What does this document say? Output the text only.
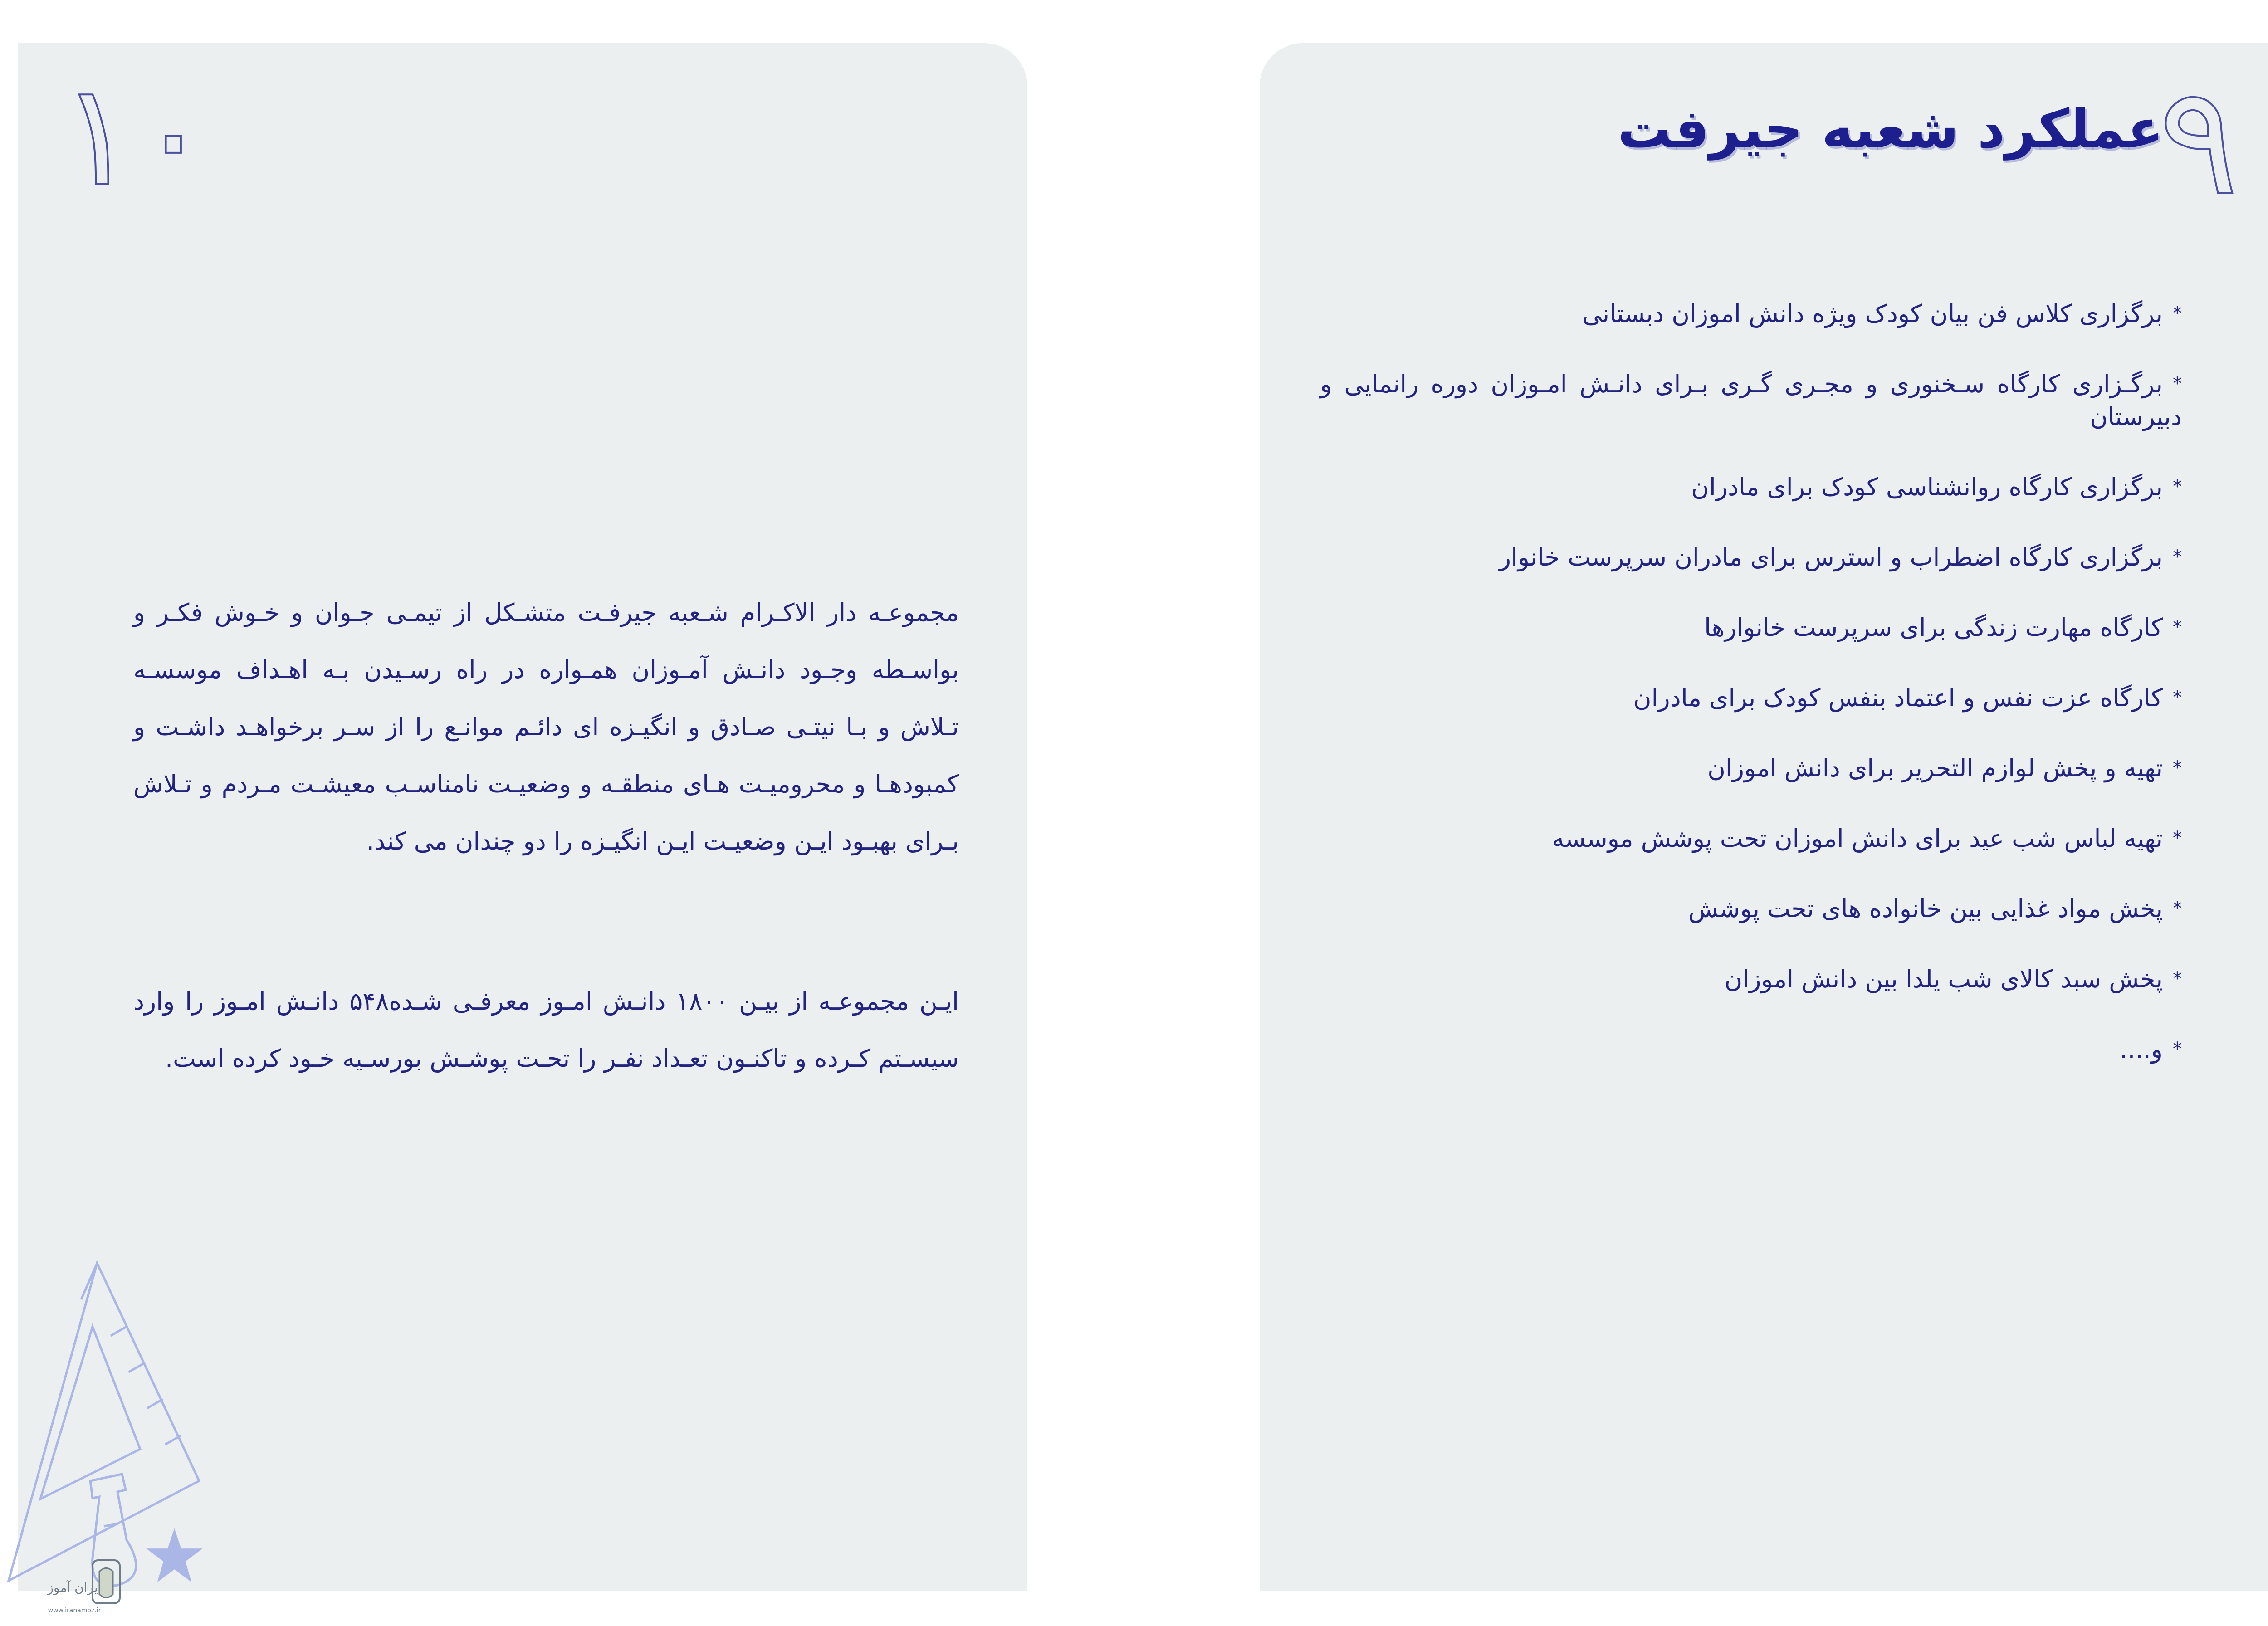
۱۰

مجموعـه دار الاکـرام شـعبه جیرفـت متشـکل از تیمـی جـوان و خـوش فکـر و بواسـطه وجـود دانـش آمـوزان همـواره در راه رسـیدن بـه اهـداف موسسـه تـلاش و بـا نیتـی صـادق و انگیـزه ای دائـم موانـع را از سـر برخواهـد داشـت و کمبودهـا و محرومیـت هـای منطقـه و وضعیـت نامناسـب معیشـت مـردم و تـلاش بـرای بهبـود ایـن وضعیـت ایـن انگیـزه را دو چندان می کند.

ایـن مجموعـه از بیـن ۱۸۰۰ دانـش امـوز معرفـی شـده۵۴۸ دانـش امـوز را وارد سیسـتم کـرده و تاکنـون تعـداد نفـر را تحـت پوشـش بورسـیه خـود کرده است.

ایران آموز
www.iranamoz.ir
۹
عملکرد شعبه جیرفت
*برگزاری کلاس فن بیان کودک ویژه دانش اموزان دبستانی
*برگـزاری کارگاه سـخنوری و مجـری گـری بـرای دانـش امـوزان دوره رانمایی و دبیرستان
*برگزاری کارگاه روانشناسی کودک برای مادران
*برگزاری کارگاه اضطراب و استرس برای مادران سرپرست خانوار
*کارگاه مهارت زندگی برای سرپرست خانوارها
*کارگاه عزت نفس و اعتماد بنفس کودک برای مادران
*تهیه و پخش لوازم التحریر برای دانش اموزان
*تهیه لباس شب عید برای دانش اموزان تحت پوشش موسسه
*پخش مواد غذایی بین خانواده های تحت پوشش
*پخش سبد کالای شب یلدا بین دانش اموزان
*و....
